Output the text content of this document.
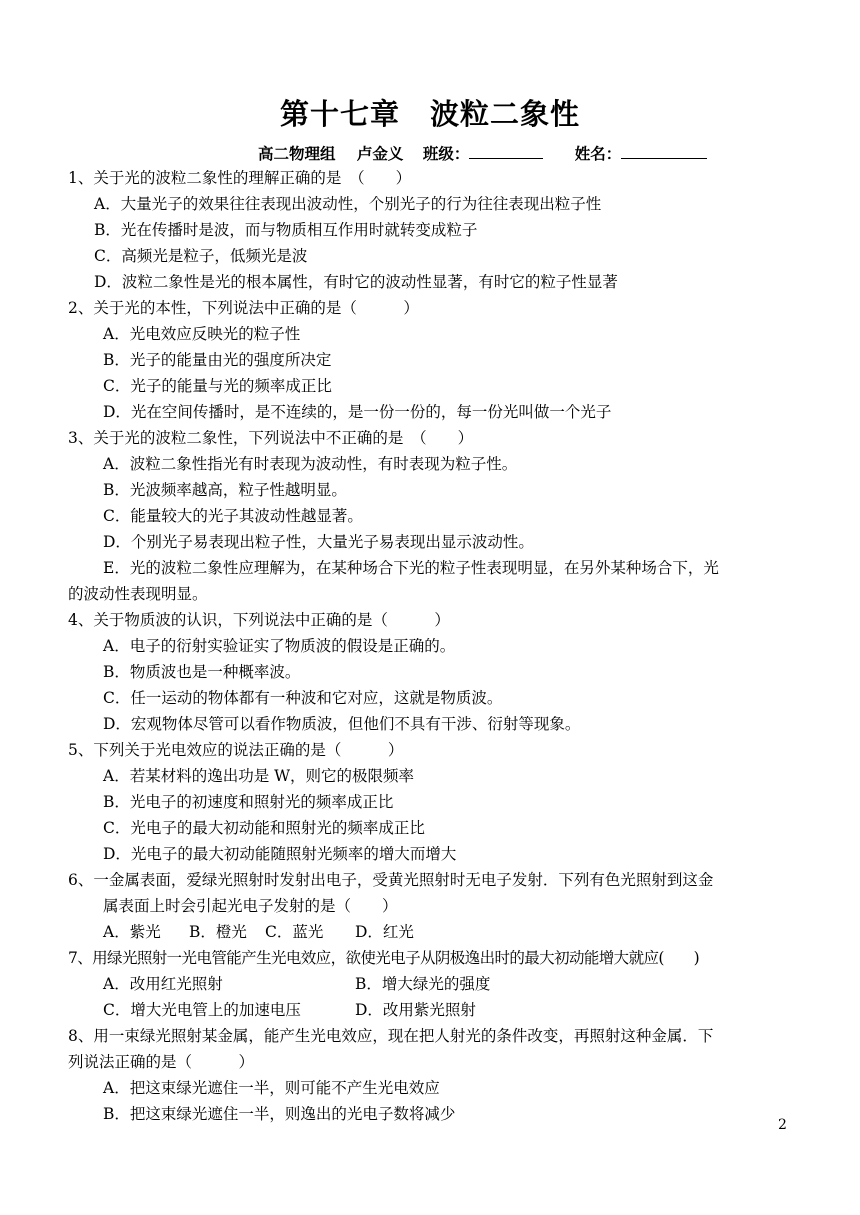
第十七章　波粒二象性
高二物理组 卢金义 班级：	姓名：
1、关于光的波粒二象性的理解正确的是　（　　）
A．大量光子的效果往往表现出波动性，个别光子的行为往往表现出粒子性
B．光在传播时是波，而与物质相互作用时就转变成粒子
C．高频光是粒子，低频光是波
D．波粒二象性是光的根本属性，有时它的波动性显著，有时它的粒子性显著
2、关于光的本性，下列说法中正确的是（　　　）
A．光电效应反映光的粒子性
B．光子的能量由光的强度所决定
C．光子的能量与光的频率成正比
D．光在空间传播时，是不连续的，是一份一份的，每一份光叫做一个光子
3、关于光的波粒二象性，下列说法中不正确的是　（　　）
A．波粒二象性指光有时表现为波动性，有时表现为粒子性。
B．光波频率越高，粒子性越明显。
C．能量较大的光子其波动性越显著。
D．个别光子易表现出粒子性，大量光子易表现出显示波动性。
E．光的波粒二象性应理解为，在某种场合下光的粒子性表现明显，在另外某种场合下，光
的波动性表现明显。
4、关于物质波的认识，下列说法中正确的是（　　　）
A．电子的衍射实验证实了物质波的假设是正确的。
B．物质波也是一种概率波。
C．任一运动的物体都有一种波和它对应，这就是物质波。
D．宏观物体尽管可以看作物质波，但他们不具有干涉、衍射等现象。
5、下列关于光电效应的说法正确的是（　　　）
A．若某材料的逸出功是 W，则它的极限频率
B．光电子的初速度和照射光的频率成正比
C．光电子的最大初动能和照射光的频率成正比
D．光电子的最大初动能随照射光频率的增大而增大
6、一金属表面，爱绿光照射时发射出电子，受黄光照射时无电子发射．下列有色光照射到这金
属表面上时会引起光电子发射的是（　　）
A．紫光 B．橙光 C．蓝光 D．红光
7、用绿光照射一光电管能产生光电效应，欲使光电子从阴极逸出时的最大初动能增大就应(　　)
A．改用红光照射	B．增大绿光的强度
C．增大光电管上的加速电压	D．改用紫光照射
8、用一束绿光照射某金属，能产生光电效应，现在把人射光的条件改变，再照射这种金属．下
列说法正确的是（　　　）
A．把这束绿光遮住一半，则可能不产生光电效应
B．把这束绿光遮住一半，则逸出的光电子数将减少
2
